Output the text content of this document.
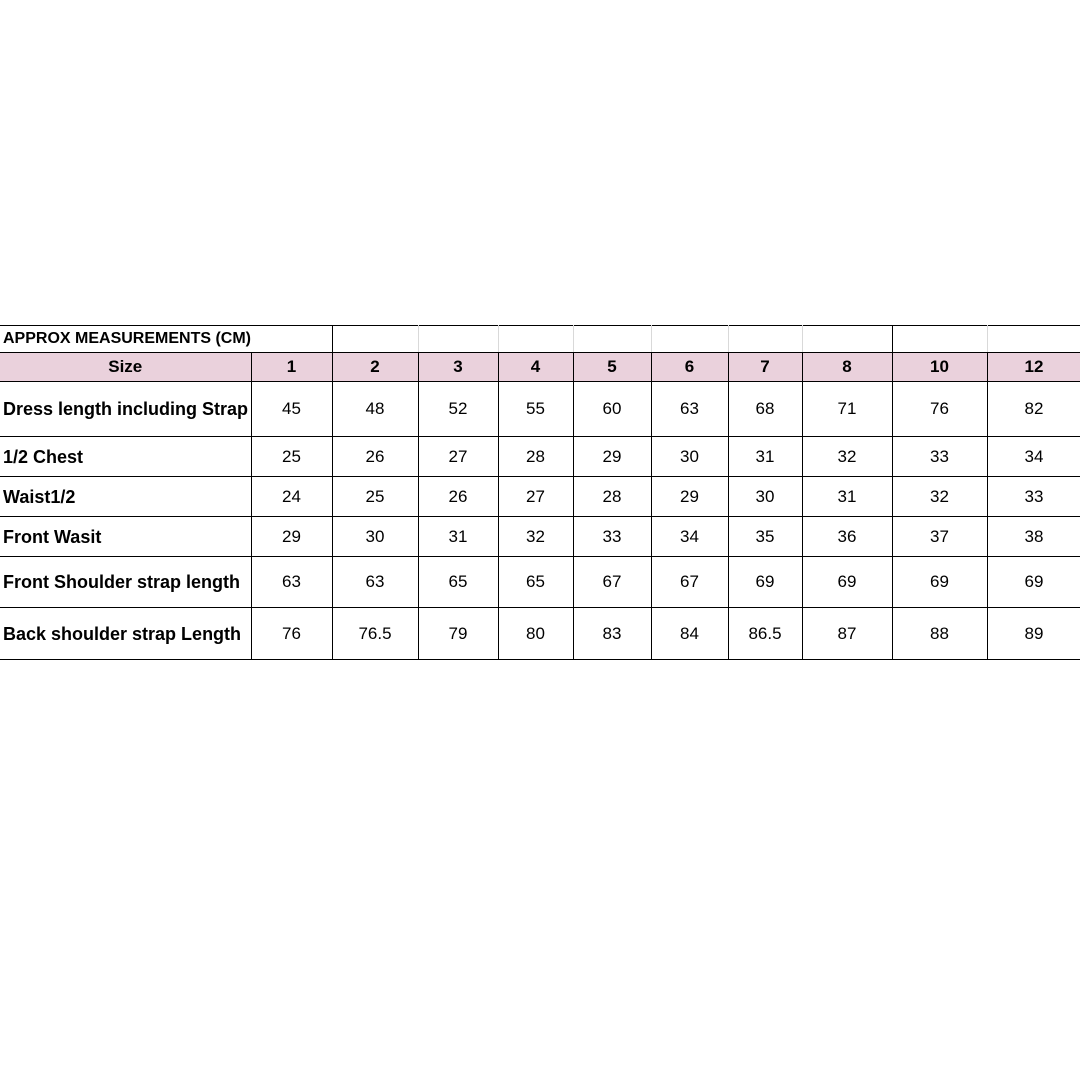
APPROX MEASUREMENTS (CM)										
Size	1	2	3	4	5	6	7	8	10	12
Dress length including Strap	45	48	52	55	60	63	68	71	76	82
1/2 Chest	25	26	27	28	29	30	31	32	33	34
Waist1/2	24	25	26	27	28	29	30	31	32	33
Front Wasit	29	30	31	32	33	34	35	36	37	38
Front Shoulder strap length	63	63	65	65	67	67	69	69	69	69
Back shoulder strap Length	76	76.5	79	80	83	84	86.5	87	88	89
